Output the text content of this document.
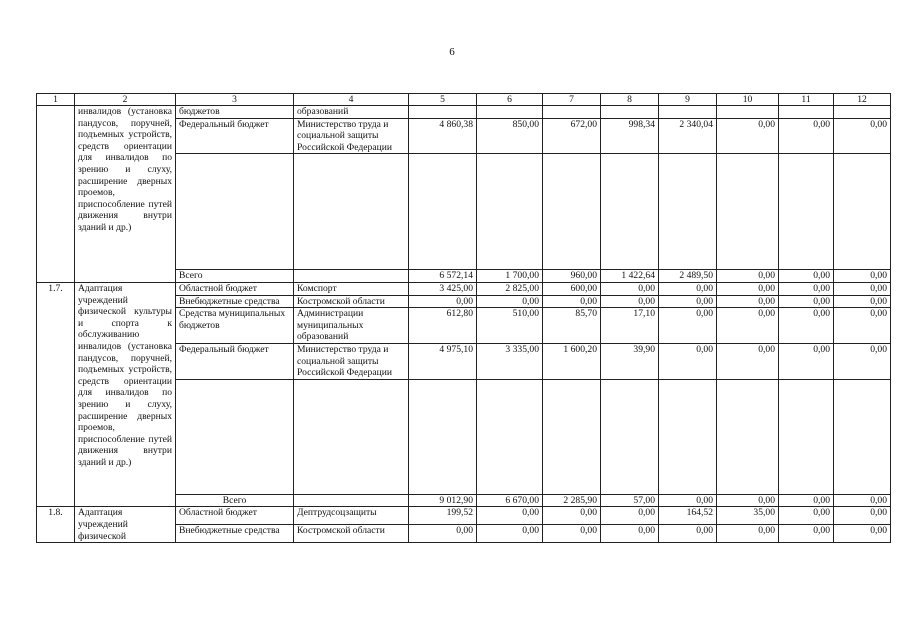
6
1	2	3	4	5	6	7	8	9	10	11	12
	инвалидов (установка пандусов, поручней, подъемных устройств, средств ориентации для инвалидов по зрению и слуху, расширение дверных проемов, приспособление путей движения внутри зданий и др.)	бюджетов	образований								
		Федеральный бюджет	Министерство труда и социальной защиты Российской Федерации	4 860,38	850,00	672,00	998,34	2 340,04	0,00	0,00	0,00

		Всего		6 572,14	1 700,00	960,00	1 422,64	2 489,50	0,00	0,00	0,00
1.7.	Адаптация учреждений физической культуры и спорта к обслуживанию инвалидов (установка пандусов, поручней, подъемных устройств, средств ориентации для инвалидов по зрению и слуху, расширение дверных проемов, приспособление путей движения внутри зданий и др.)	Областной бюджет	Комспорт	3 425,00	2 825,00	600,00	0,00	0,00	0,00	0,00	0,00
		Внебюджетные средства	Костромской области	0,00	0,00	0,00	0,00	0,00	0,00	0,00	0,00
		Средства муниципальных бюджетов	Администрации муниципальных образований	612,80	510,00	85,70	17,10	0,00	0,00	0,00	0,00
		Федеральный бюджет	Министерство труда и социальной защиты Российской Федерации	4 975,10	3 335,00	1 600,20	39,90	0,00	0,00	0,00	0,00

		Всего		9 012,90	6 670,00	2 285,90	57,00	0,00	0,00	0,00	0,00
1.8.	Адаптация учреждений физической	Областной бюджет	Дептрудсоцзащиты	199,52	0,00	0,00	0,00	164,52	35,00	0,00	0,00
		Внебюджетные средства	Костромской области	0,00	0,00	0,00	0,00	0,00	0,00	0,00	0,00
